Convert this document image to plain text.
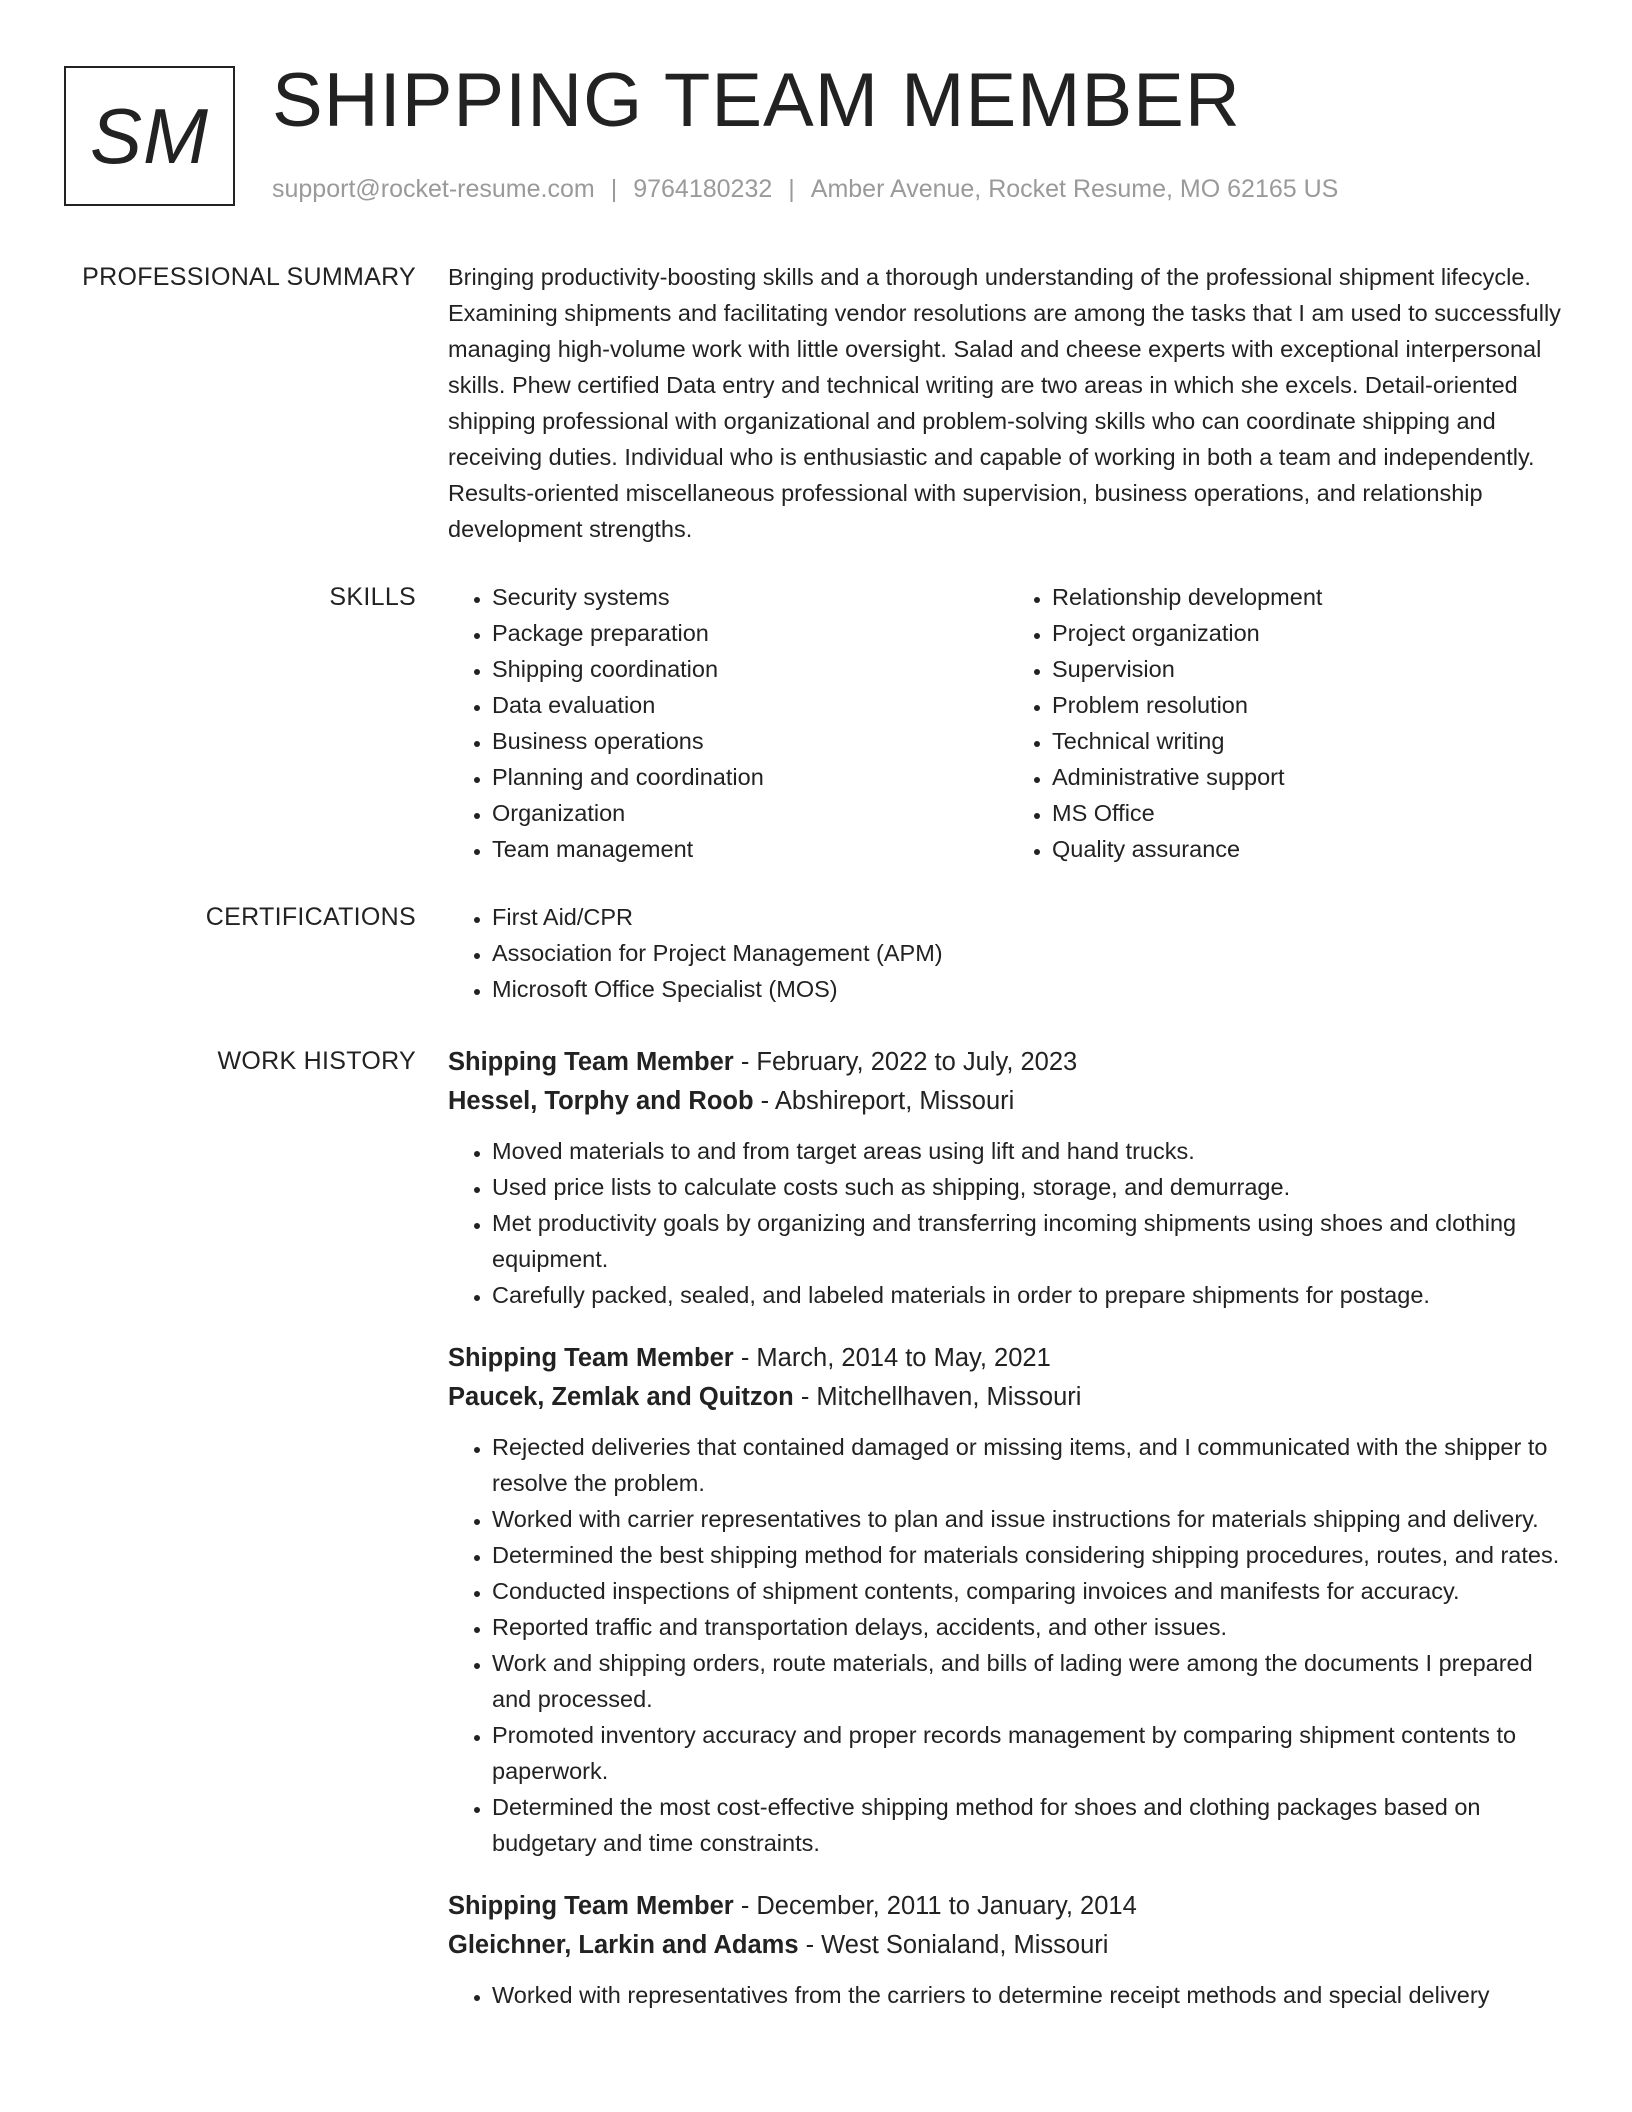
SM SHIPPING TEAM MEMBER
support@rocket-resume.com | 9764180232 | Amber Avenue, Rocket Resume, MO 62165 US
PROFESSIONAL SUMMARY Bringing productivity-boosting skills and a thorough understanding of the professional shipment lifecycle. Examining shipments and facilitating vendor resolutions are among the tasks that I am used to successfully managing high-volume work with little oversight. Salad and cheese experts with exceptional interpersonal skills. Phew certified Data entry and technical writing are two areas in which she excels. Detail-oriented shipping professional with organizational and problem-solving skills who can coordinate shipping and receiving duties. Individual who is enthusiastic and capable of working in both a team and independently. Results-oriented miscellaneous professional with supervision, business operations, and relationship development strengths.

SKILLS	• Security systems
• Package preparation
• Shipping coordination
• Data evaluation
• Business operations
• Planning and coordination
• Organization
• Team management
• Relationship development
• Project organization
• Supervision
• Problem resolution
• Technical writing
• Administrative support
• MS Office
• Quality assurance
CERTIFICATIONS	• First Aid/CPR
• Association for Project Management (APM)
• Microsoft Office Specialist (MOS)
WORK HISTORY Shipping Team Member - February, 2022 to July, 2023
Hessel, Torphy and Roob - Abshireport, Missouri
• Moved materials to and from target areas using lift and hand trucks.
• Used price lists to calculate costs such as shipping, storage, and demurrage.
• Met productivity goals by organizing and transferring incoming shipments using shoes and clothing equipment.
• Carefully packed, sealed, and labeled materials in order to prepare shipments for postage.
Shipping Team Member - March, 2014 to May, 2021
Paucek, Zemlak and Quitzon - Mitchellhaven, Missouri
• Rejected deliveries that contained damaged or missing items, and I communicated with the shipper to resolve the problem.
• Worked with carrier representatives to plan and issue instructions for materials shipping and delivery.
• Determined the best shipping method for materials considering shipping procedures, routes, and rates.
• Conducted inspections of shipment contents, comparing invoices and manifests for accuracy.
• Reported traffic and transportation delays, accidents, and other issues.
• Work and shipping orders, route materials, and bills of lading were among the documents I prepared and processed.
• Promoted inventory accuracy and proper records management by comparing shipment contents to paperwork.
• Determined the most cost-effective shipping method for shoes and clothing packages based on budgetary and time constraints.
Shipping Team Member - December, 2011 to January, 2014
Gleichner, Larkin and Adams - West Sonialand, Missouri
• Worked with representatives from the carriers to determine receipt methods and special delivery
